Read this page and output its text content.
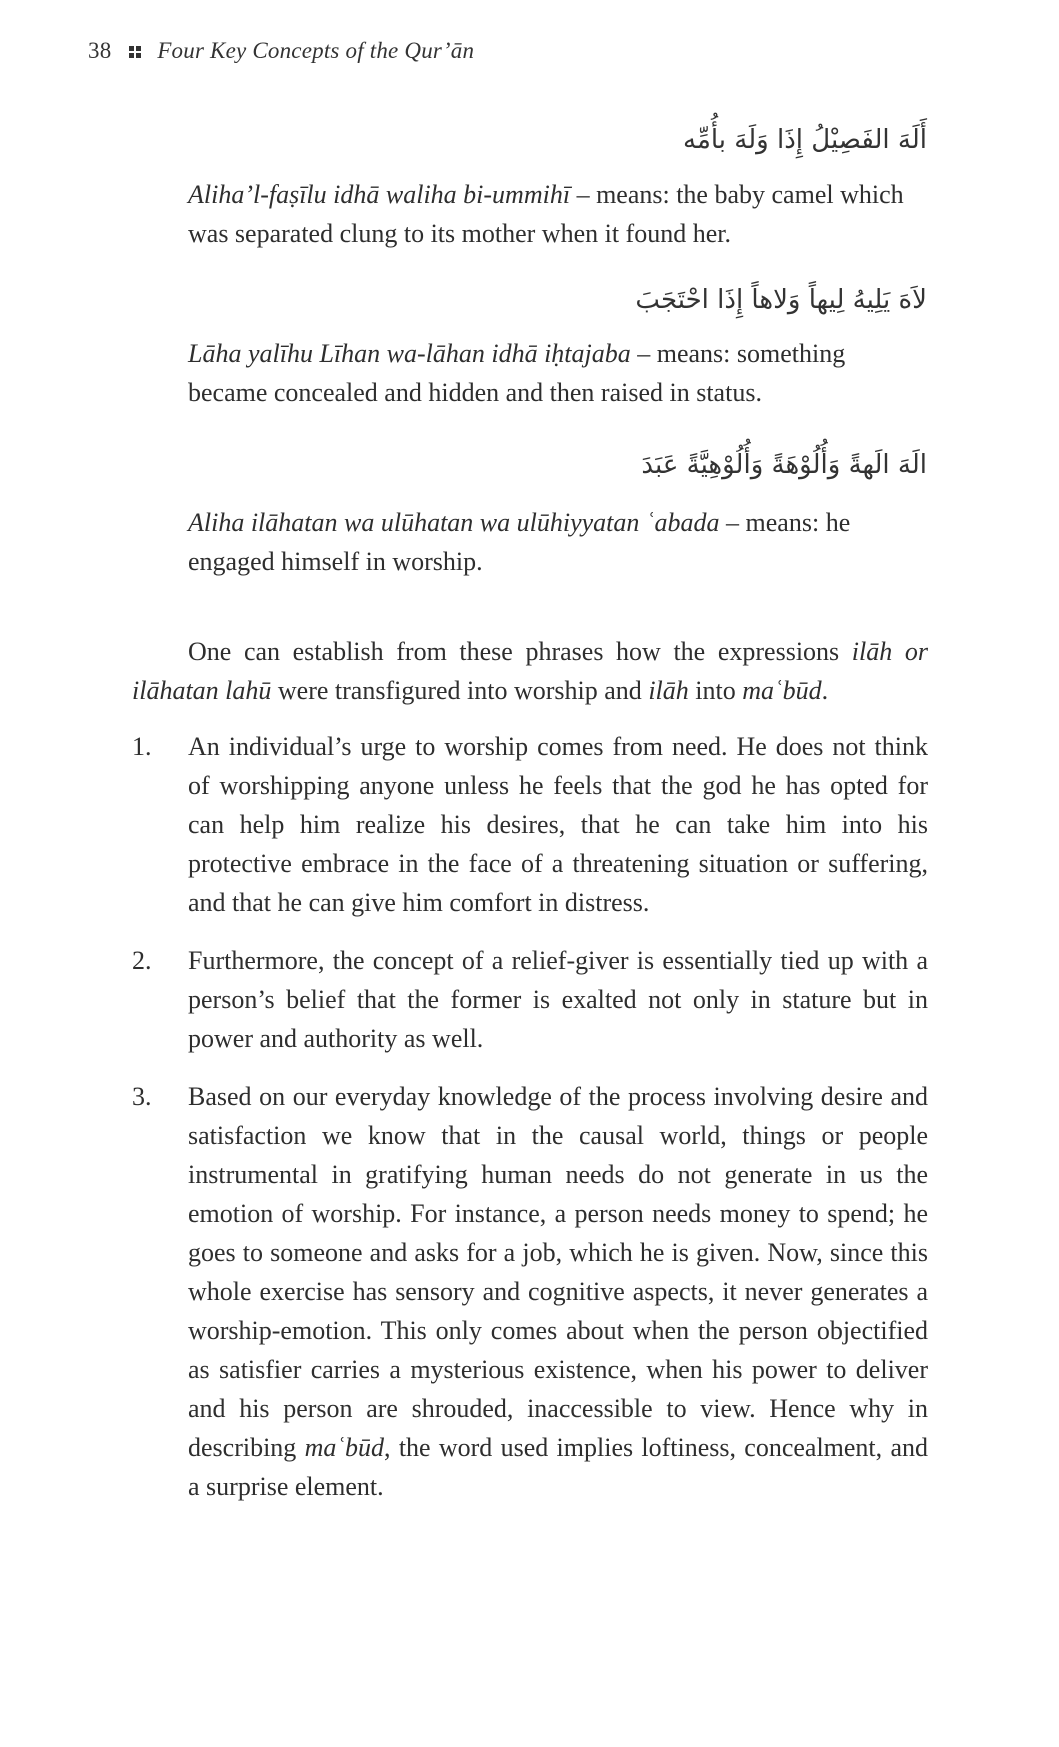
38 Four Key Concepts of the Qur’ān
أَلَهَ الفَصِيْلُ إِذَا وَلَهَ بأُمِّه
Aliha’l-faṣīlu idhā waliha bi-ummihī – means: the baby camel which was separated clung to its mother when it found her.
لاَهَ يَلِيهُ لِيهاً وَلاهاً إِذَا احْتَجَبَ
Lāha yalīhu Līhan wa-lāhan idhā iḥtajaba – means: something became concealed and hidden and then raised in status.
الَهَ الَهةً وَأُلُوْهَةً وَأُلُوْهِيَّةً عَبَدَ
Aliha ilāhatan wa ulūhatan wa ulūhiyyatan ʿabada – means: he engaged himself in worship.
One can establish from these phrases how the expressions ilāh or ilāhatan lahū were transfigured into worship and ilāh into maʿbūd.
1.	An individual’s urge to worship comes from need. He does not think of worshipping anyone unless he feels that the god he has opted for can help him realize his desires, that he can take him into his protective embrace in the face of a threatening situation or suffering, and that he can give him comfort in distress.
2.	Furthermore, the concept of a relief-giver is essentially tied up with a person’s belief that the former is exalted not only in stature but in power and authority as well.
3.	Based on our everyday knowledge of the process involving desire and satisfaction we know that in the causal world, things or people instrumental in gratifying human needs do not generate in us the emotion of worship. For instance, a person needs money to spend; he goes to someone and asks for a job, which he is given. Now, since this whole exercise has sensory and cognitive aspects, it never generates a worship-emotion. This only comes about when the person objectified as satisfier carries a mysterious existence, when his power to deliver and his person are shrouded, inaccessible to view. Hence why in describing maʿbūd, the word used implies loftiness, concealment, and a surprise element.
